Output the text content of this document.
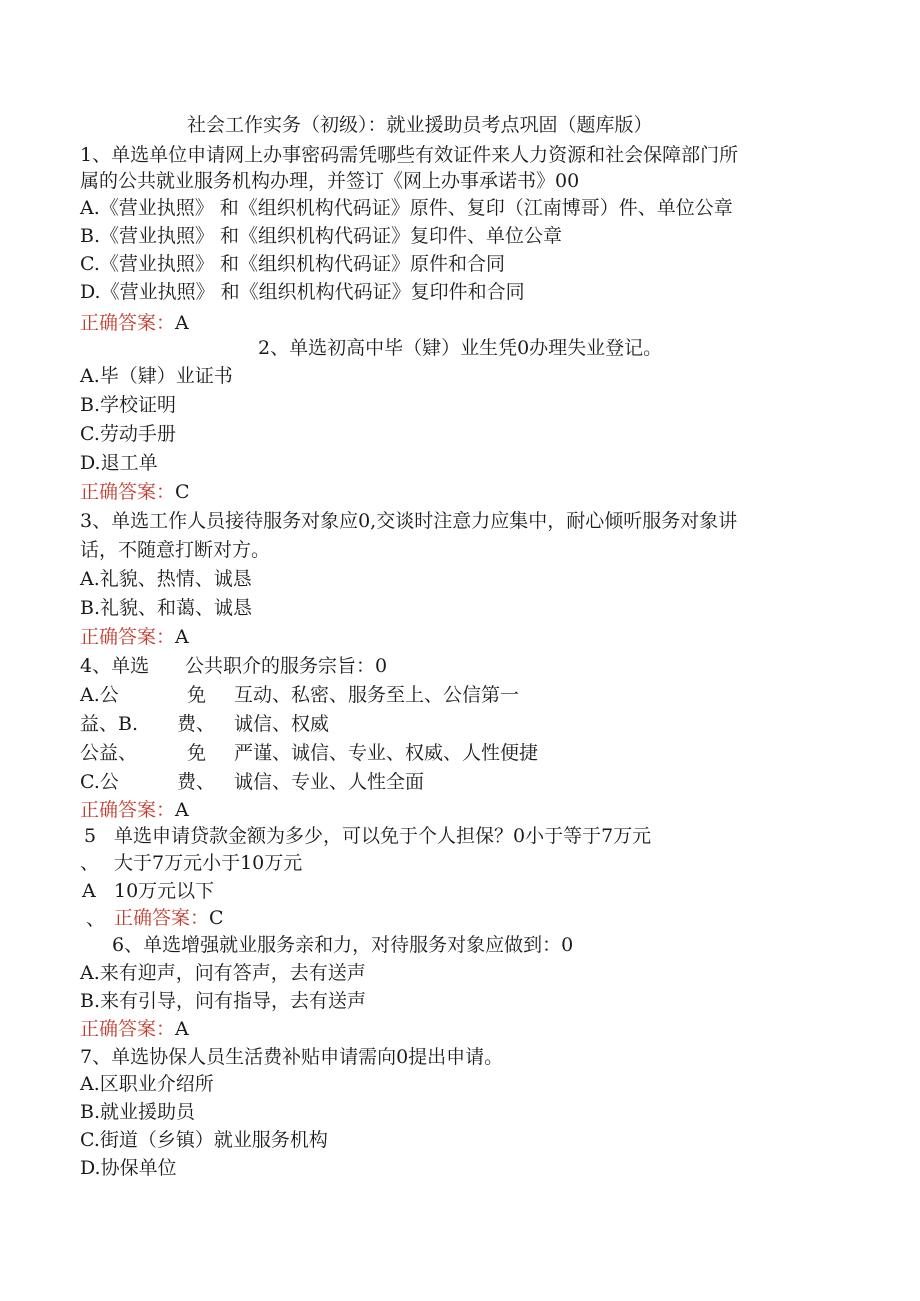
社会工作实务（初级）：就业援助员考点巩固（题库版）
1、单选单位申请网上办事密码需凭哪些有效证件来人力资源和社会保障部门所
属的公共就业服务机构办理，并签订《网上办事承诺书》00
A.《营业执照》 和《组织机构代码证》原件、复印（江南博哥）件、单位公章
B.《营业执照》 和《组织机构代码证》复印件、单位公章
C.《营业执照》 和《组织机构代码证》原件和合同
D.《营业执照》 和《组织机构代码证》复印件和合同
正确答案：A
2、单选初高中毕（肄）业生凭0办理失业登记。
A.毕（肄）业证书
B.学校证明
C.劳动手册
D.退工单
正确答案：C
3、单选工作人员接待服务对象应0,交谈时注意力应集中，耐心倾听服务对象讲
话，不随意打断对方。
A.礼貌、热情、诚恳
B.礼貌、和蔼、诚恳
正确答案：A
4、单选 公共职介的服务宗旨：0
A.公	免 互动、私密、服务至上、公信第一
益、B. 费、 诚信、权威
公益、	免 严谨、诚信、专业、权威、人性便捷
C.公	费、 诚信、专业、人性全面
正确答案：A
5 单选申请贷款金额为多少，可以免于个人担保？0小于等于7万元
、 大于7万元小于10万元
A 10万元以下
、 正确答案：C
6、单选增强就业服务亲和力，对待服务对象应做到：0
A.来有迎声，问有答声，去有送声
B.来有引导，问有指导，去有送声
正确答案：A
7、单选协保人员生活费补贴申请需向0提出申请。
A.区职业介绍所
B.就业援助员
C.街道（乡镇）就业服务机构
D.协保单位
